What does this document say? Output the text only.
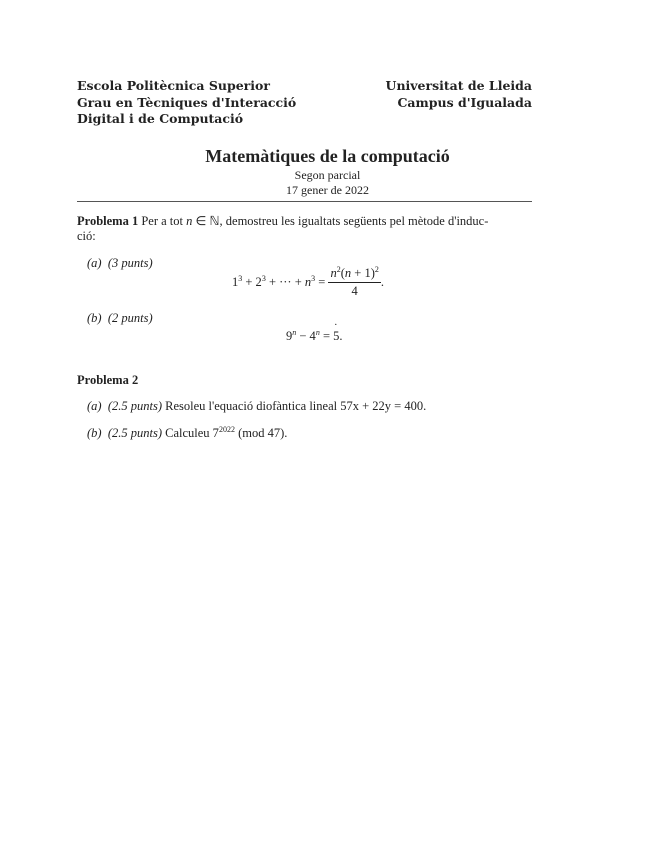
Escola Politècnica Superior
Grau en Tècniques d'Interacció
Digital i de Computació
Universitat de Lleida
Campus d'Igualada
Matemàtiques de la computació
Segon parcial
17 gener de 2022
Problema 1 Per a tot n ∈ ℕ, demostreu les igualtats següents pel mètode d'induc-
ció:
(a) (3 punts)
$1^3 + 2^3$ + ··· + $n^3 = \frac{n^2(n + 1)^2}{4}$ .
(b) (2 punts)
$9^n - 4^n$ = · 5.
Problema 2
(a) (2.5 punts) Resoleu l'equació diofàntica lineal 57x + 22y = 400.
(b) (2.5 punts) Calculeu $7^{2022}$ (mod 47).
